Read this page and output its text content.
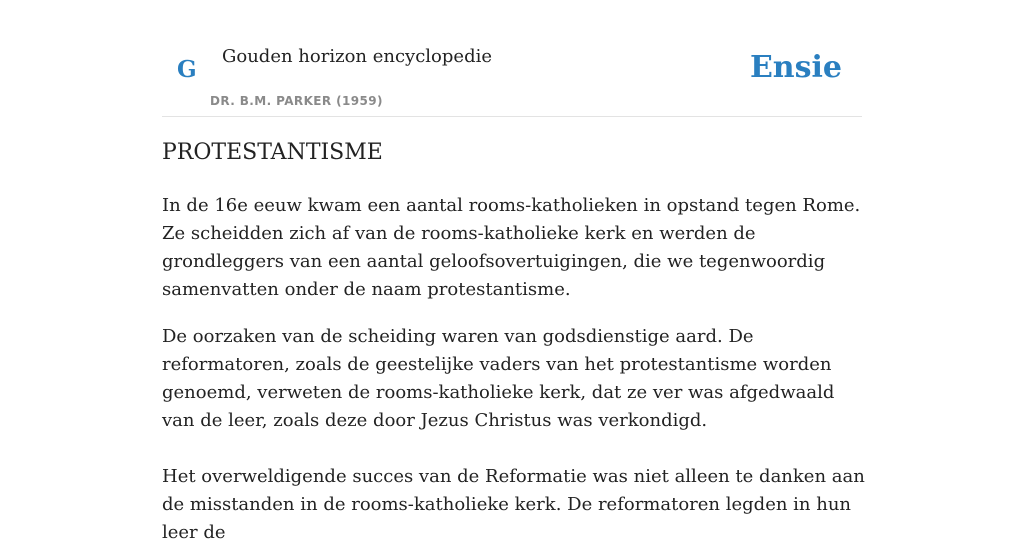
G Gouden horizon encyclopedie
DR. B.M. PARKER (1959)
Ensie
PROTESTANTISME

In de 16e eeuw kwam een aantal rooms-katholieken in opstand tegen Rome. Ze scheidden zich af van de rooms-katholieke kerk en werden de grondleggers van een aantal geloofsovertuigingen, die we tegenwoordig samenvatten onder de naam protestantisme.

De oorzaken van de scheiding waren van godsdienstige aard. De reformatoren, zoals de geestelijke vaders van het protestantisme worden genoemd, verweten de rooms-katholieke kerk, dat ze ver was afgedwaald van de leer, zoals deze door Jezus Christus was verkondigd.

Het overweldigende succes van de Reformatie was niet alleen te danken aan de misstanden in de rooms-katholieke kerk. De reformatoren legden in hun leer de
